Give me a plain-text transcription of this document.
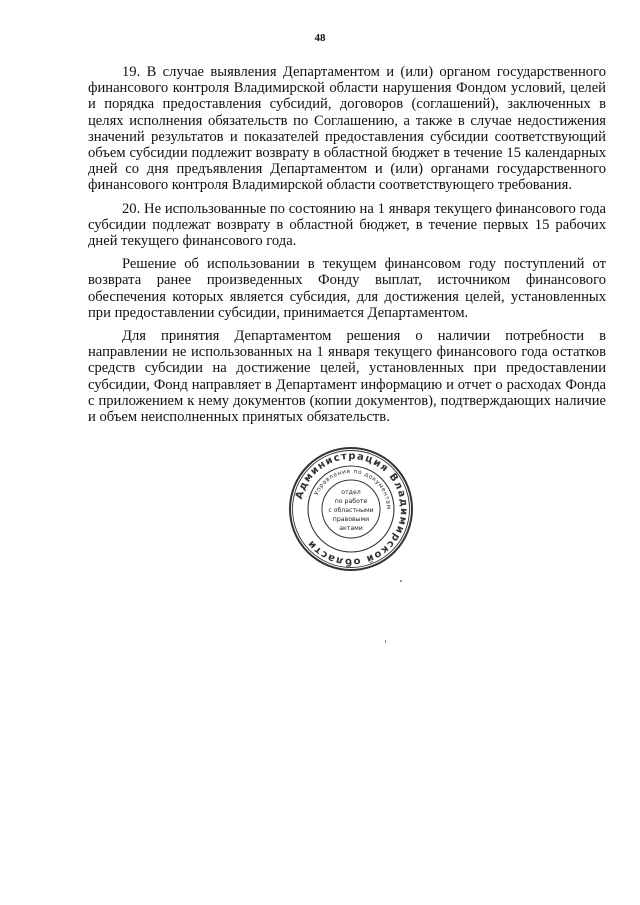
48

19. В случае выявления Департаментом и (или) органом государственного финансового контроля Владимирской области нарушения Фондом условий, целей и порядка предоставления субсидий, договоров (соглашений), заключенных в целях исполнения обязательств по Соглашению, а также в случае недостижения значений результатов и показателей предоставления субсидии соответствующий объем субсидии подлежит возврату в областной бюджет в течение 15 календарных дней со дня предъявления Департаментом и (или) органами государственного финансового контроля Владимирской области соответствующего требования.

20. Не использованные по состоянию на 1 января текущего финансового года субсидии подлежат возврату в областной бюджет, в течение первых 15 рабочих дней текущего финансового года.

Решение об использовании в текущем финансовом году поступлений от возврата ранее произведенных Фонду выплат, источником финансового обеспечения которых является субсидия, для достижения целей, установленных при предоставлении субсидии, принимается Департаментом.

Для принятия Департаментом решения о наличии потребности в направлении не использованных на 1 января текущего финансового года остатков средств субсидии на достижение целей, установленных при предоставлении субсидии, Фонд направляет в Департамент информацию и отчет о расходах Фонда с приложением к нему документов (копии документов), подтверждающих наличие и объем неисполненных принятых обязательств.

Администрация Владимирской области
Управление по документам
отдел
по работе
с областными
правовыми
актами
